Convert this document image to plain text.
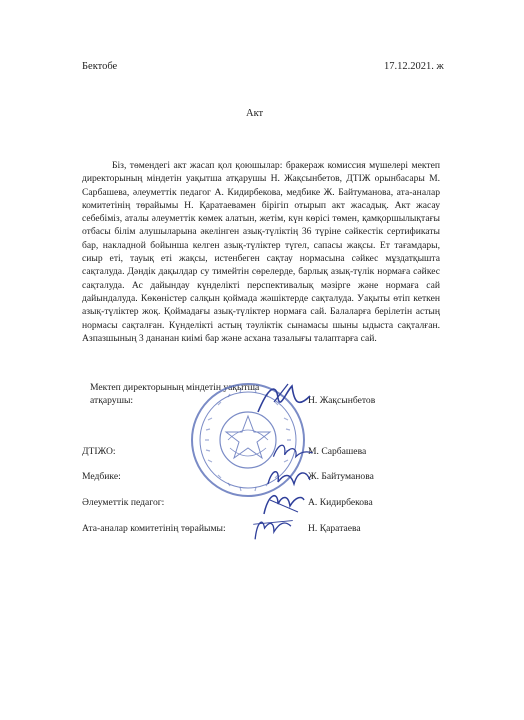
Бектобе	17.12.2021. ж
Акт

Біз, төмендегі акт жасап қол қоюшылар: бракераж комиссия мүшелері мектеп директорының міндетін уақытша атқарушы Н. Жақсынбетов, ДТІЖ орынбасары М. Сарбашева, әлеуметтік педагог А. Кидирбекова, медбике Ж. Байтуманова, ата-аналар комитетінің төрайымы Н. Қаратаевамен бірігіп отырып акт жасадық. Акт жасау себебіміз, аталы әлеуметтік көмек алатын, жетім, күн көрісі төмен, қамқоршылықтағы отбасы білім алушыларына әкелінген азық-түліктің 36 түріне сәйкестік сертификаты бар, накладной бойынша келген азық-түліктер түгел, сапасы жақсы. Ет тағамдары, сиыр еті, тауық еті жақсы, истенбеген сақтау нормасына сәйкес мұздатқышта сақталуда. Дәндік дақылдар су тимейтін сөрелерде, барлық азық-түлік нормаға сәйкес сақталуда. Ас дайындау күнделікті перспективалық мәзірге және нормаға сай дайындалуда. Көкөністер салқын қоймада жәшіктерде сақталуда. Уақыты өтіп кеткен азық-түліктер жоқ. Қоймадағы азық-түліктер нормаға сай. Балаларға берілетін астың нормасы сақталған. Күнделікті астың тәуліктік сынамасы шыны ыдыста сақталған. Азпазшының 3 дананан киімі бар және асхана тазалығы талаптарға сай.

Мектеп директорының міндетін уақытша атқарушы:	Н. Жақсынбетов
ДТІЖО:	М. Сарбашева
Медбике:	Ж. Байтуманова
Әлеуметтік педагог:	А. Кидирбекова
Ата-аналар комитетінің төрайымы:	Н. Қаратаева
